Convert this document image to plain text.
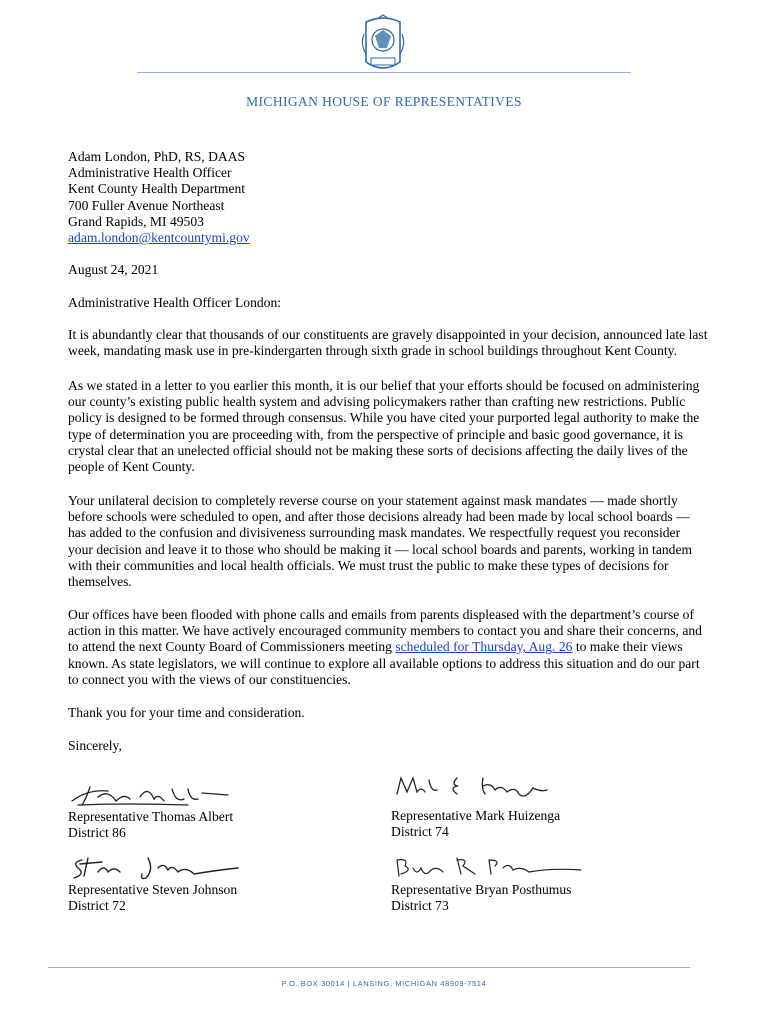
MICHIGAN HOUSE OF REPRESENTATIVES

Adam London, PhD, RS, DAAS

Administrative Health Officer

Kent County Health Department

700 Fuller Avenue Northeast

Grand Rapids, MI 49503

adam.london@kentcountymi.gov

August 24, 2021
Administrative Health Officer London:
It is abundantly clear that thousands of our constituents are gravely disappointed in your decision, announced late last week, mandating mask use in pre-kindergarten through sixth grade in school buildings throughout Kent County.
As we stated in a letter to you earlier this month, it is our belief that your efforts should be focused on administering our county’s existing public health system and advising policymakers rather than crafting new restrictions. Public policy is designed to be formed through consensus. While you have cited your purported legal authority to make the type of determination you are proceeding with, from the perspective of principle and basic good governance, it is crystal clear that an unelected official should not be making these sorts of decisions affecting the daily lives of the people of Kent County.
Your unilateral decision to completely reverse course on your statement against mask mandates — made shortly before schools were scheduled to open, and after those decisions already had been made by local school boards — has added to the confusion and divisiveness surrounding mask mandates. We respectfully request you reconsider your decision and leave it to those who should be making it — local school boards and parents, working in tandem with their communities and local health officials. We must trust the public to make these types of decisions for themselves.
Our offices have been flooded with phone calls and emails from parents displeased with the department’s course of action in this matter. We have actively encouraged community members to contact you and share their concerns, and to attend the next County Board of Commissioners meeting scheduled for Thursday, Aug. 26 to make their views known. As state legislators, we will continue to explore all available options to address this situation and do our part to connect you with the views of our constituencies.
Thank you for your time and consideration.
Sincerely,
Representative Thomas Albert
District 86
Representative Mark Huizenga
District 74
Representative Steven Johnson
District 72
Representative Bryan Posthumus
District 73
P.O. BOX 30014 | LANSING, MICHIGAN 48909-7514
